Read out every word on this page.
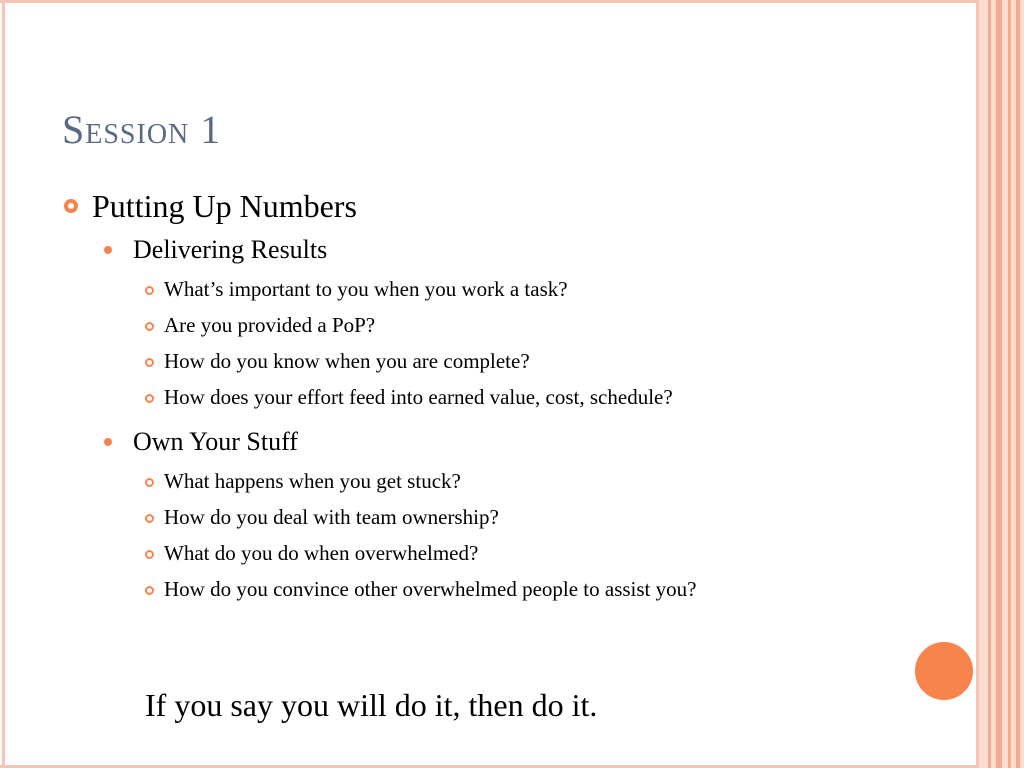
Session 1
Putting Up Numbers
Delivering Results
What’s important to you when you work a task?
Are you provided a PoP?
How do you know when you are complete?
How does your effort feed into earned value, cost, schedule?
Own Your Stuff
What happens when you get stuck?
How do you deal with team ownership?
What do you do when overwhelmed?
How do you convince other overwhelmed people to assist you?
If you say you will do it, then do it.
